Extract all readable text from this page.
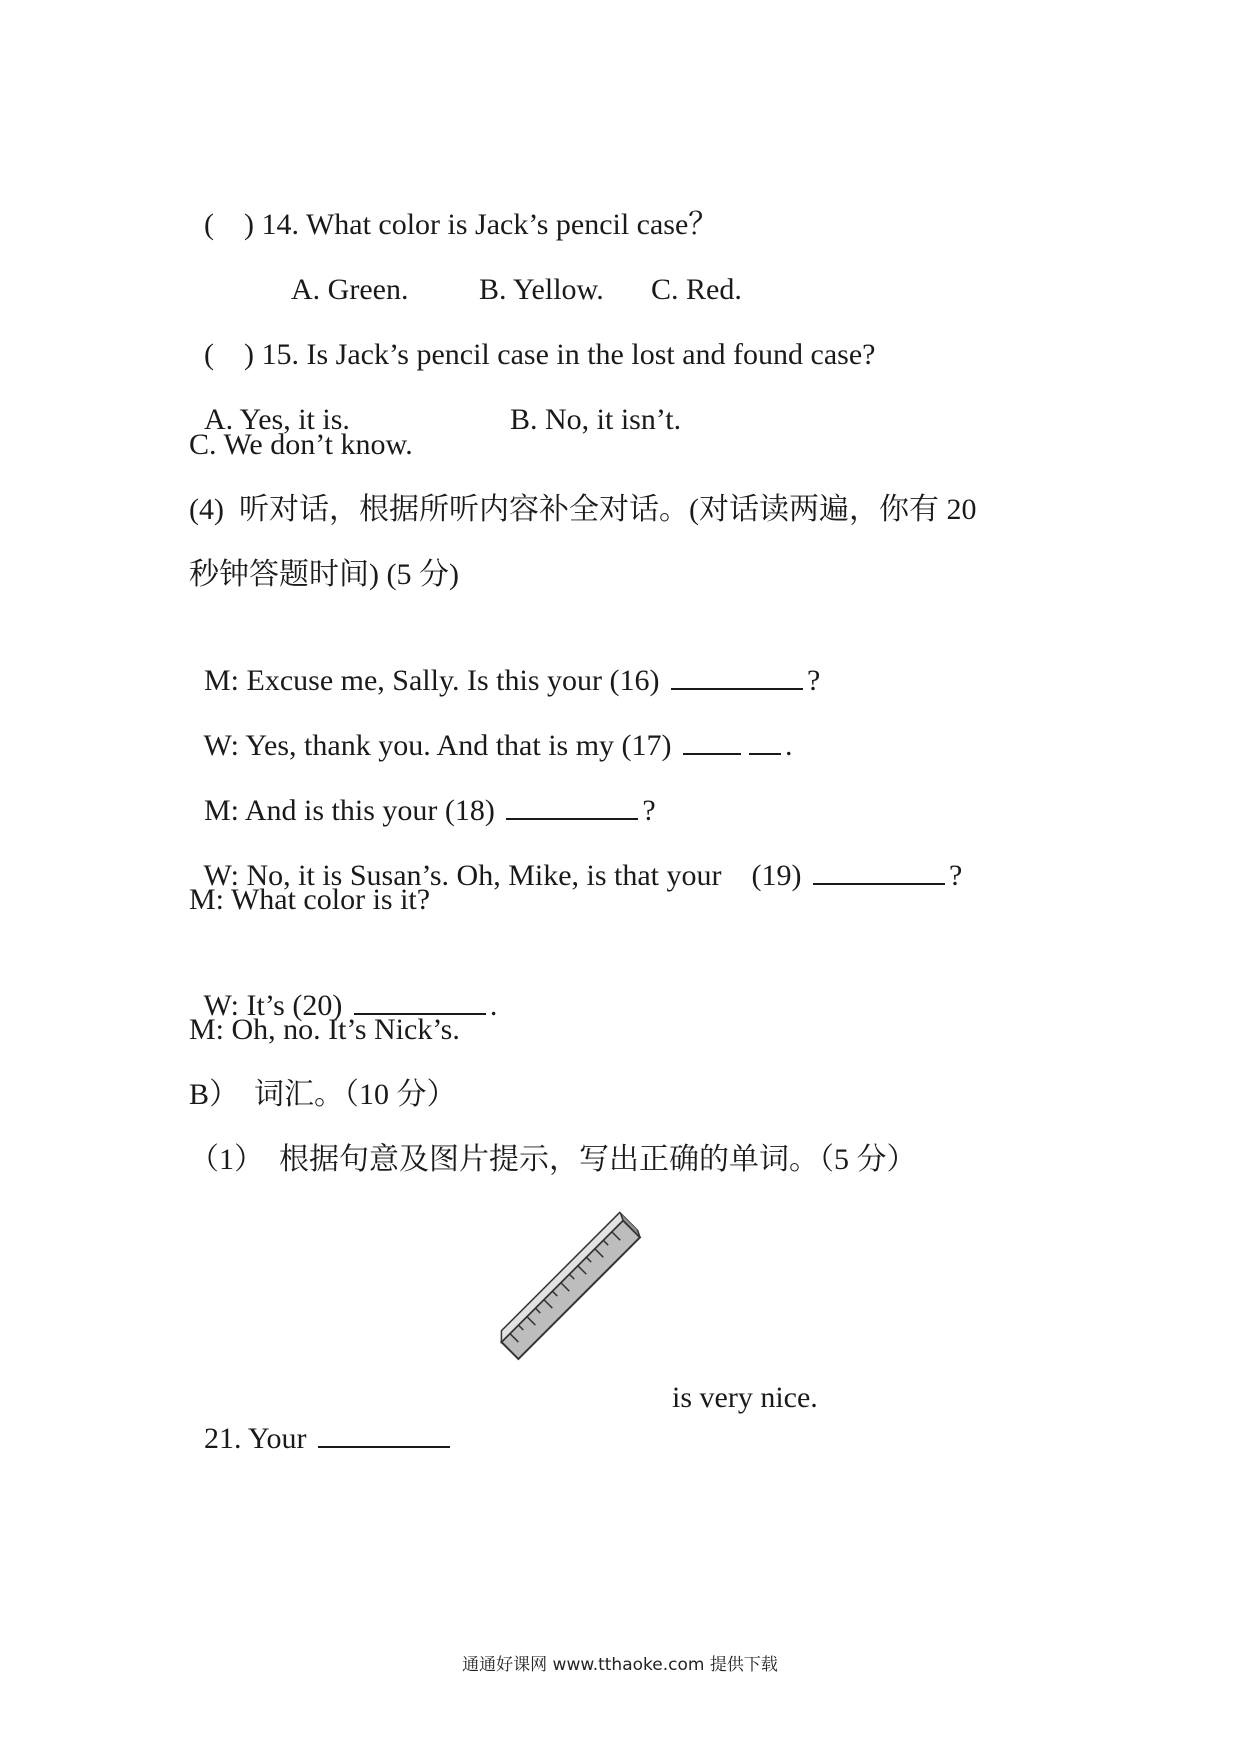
(    ) 14. What color is Jack’s pencil case？

A. Green. B. Yellow. C. Red.

(    ) 15. Is Jack’s pencil case in the lost and found case?

A. Yes, it is.	B. No, it isn’t.

C. We don’t know.
(4)  听对话，根据所听内容补全对话。(对话读两遍，你有 20
秒钟答题时间) (5 分)

M: Excuse me, Sally. Is this your (16)	?

W: Yes, thank you. And that is my (17)	.

M: And is this your (18)	?

W: No, it is Susan’s. Oh, Mike, is that your    (19)	?

M: What color is it?

W: It’s (20)	.

M: Oh, no. It’s Nick’s.
B）  词汇。（10 分）
（1）  根据句意及图片提示，写出正确的单词。（5 分）

21. Your

is very nice.
通通好课网 www.tthaoke.com 提供下载
